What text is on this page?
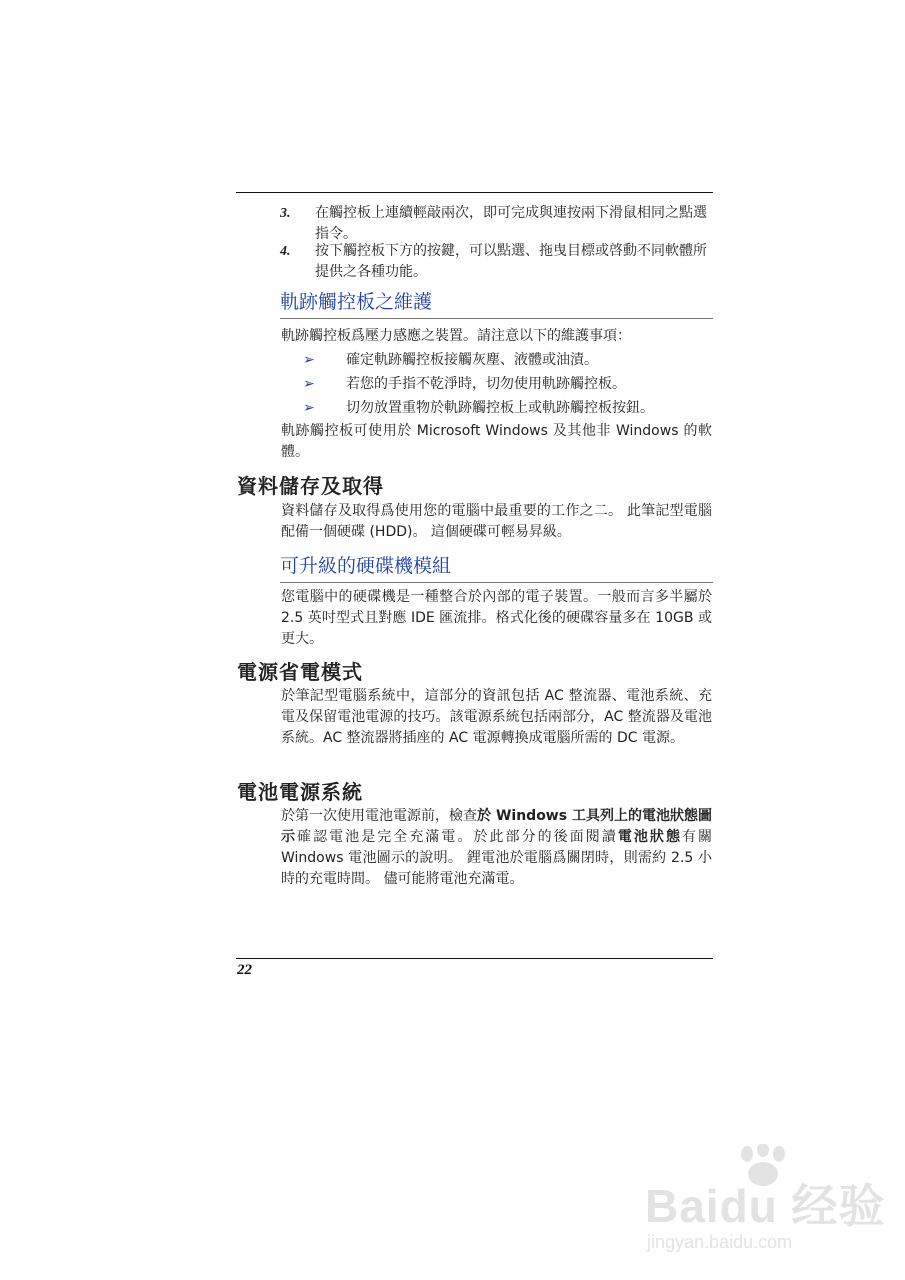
3. 在觸控板上連續輕敲兩次，即可完成與連按兩下滑鼠相同之點選指令。
4. 按下觸控板下方的按鍵，可以點選、拖曳目標或啓動不同軟體所提供之各種功能。
軌跡觸控板之維護
軌跡觸控板爲壓力感應之裝置。請注意以下的維護事項：
➢ 確定軌跡觸控板接觸灰塵、液體或油漬。
➢ 若您的手指不乾淨時，切勿使用軌跡觸控板。
➢ 切勿放置重物於軌跡觸控板上或軌跡觸控板按鈕。
軌跡觸控板可使用於 Microsoft Windows 及其他非 Windows 的軟體。
資料儲存及取得
資料儲存及取得爲使用您的電腦中最重要的工作之二。 此筆記型電腦配備一個硬碟 (HDD)。 這個硬碟可輕易昇級。
可升級的硬碟機模組
您電腦中的硬碟機是一種整合於內部的電子裝置。一般而言多半屬於 2.5 英吋型式且對應 IDE 匯流排。格式化後的硬碟容量多在 10GB 或更大。
電源省電模式
於筆記型電腦系統中，這部分的資訊包括 AC 整流器、電池系統、充電及保留電池電源的技巧。該電源系統包括兩部分，AC 整流器及電池系統。AC 整流器將插座的 AC 電源轉換成電腦所需的 DC 電源。
電池電源系統
於第一次使用電池電源前，檢查於 Windows 工具列上的電池狀態圖示確認電池是完全充滿電。於此部分的後面閱讀電池狀態有關 Windows 電池圖示的說明。 鋰電池於電腦爲關閉時，則需約 2.5 小時的充電時間。 儘可能將電池充滿電。
22
Baidu 经验
jingyan.baidu.com
